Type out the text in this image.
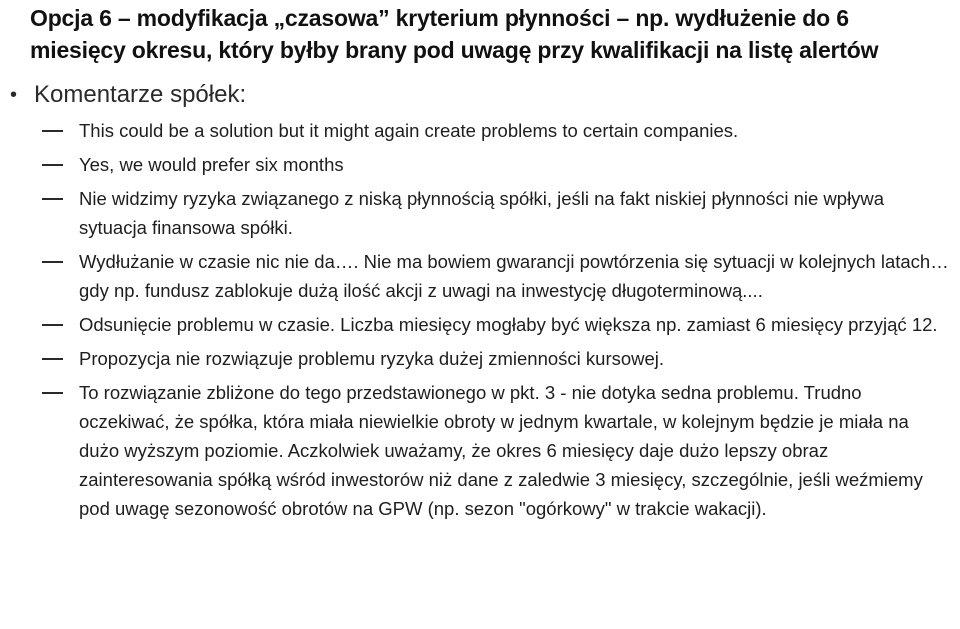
Opcja 6 – modyfikacja „czasowa” kryterium płynności – np. wydłużenie do 6 miesięcy okresu, który byłby brany pod uwagę przy kwalifikacji na listę alertów
• Komentarze spółek:
This could be a solution but it might again create problems to certain companies.
Yes, we would prefer six months
Nie widzimy ryzyka związanego z niską płynnością spółki, jeśli na fakt niskiej płynności nie wpływa sytuacja finansowa spółki.
Wydłużanie w czasie nic nie da…. Nie ma bowiem gwarancji powtórzenia się sytuacji w kolejnych latach… gdy np. fundusz zablokuje dużą ilość akcji z uwagi na inwestycję długoterminową....
Odsunięcie problemu w czasie. Liczba miesięcy mogłaby być większa np. zamiast 6 miesięcy przyjąć 12.
Propozycja nie rozwiązuje problemu ryzyka dużej zmienności kursowej.
To rozwiązanie zbliżone do tego przedstawionego w pkt. 3 - nie dotyka sedna problemu. Trudno oczekiwać, że spółka, która miała niewielkie obroty w jednym kwartale, w kolejnym będzie je miała na dużo wyższym poziomie. Aczkolwiek uważamy, że okres 6 miesięcy daje dużo lepszy obraz zainteresowania spółką wśród inwestorów niż dane z zaledwie 3 miesięcy, szczególnie, jeśli weźmiemy pod uwagę sezonowość obrotów na GPW (np. sezon "ogórkowy" w trakcie wakacji).
